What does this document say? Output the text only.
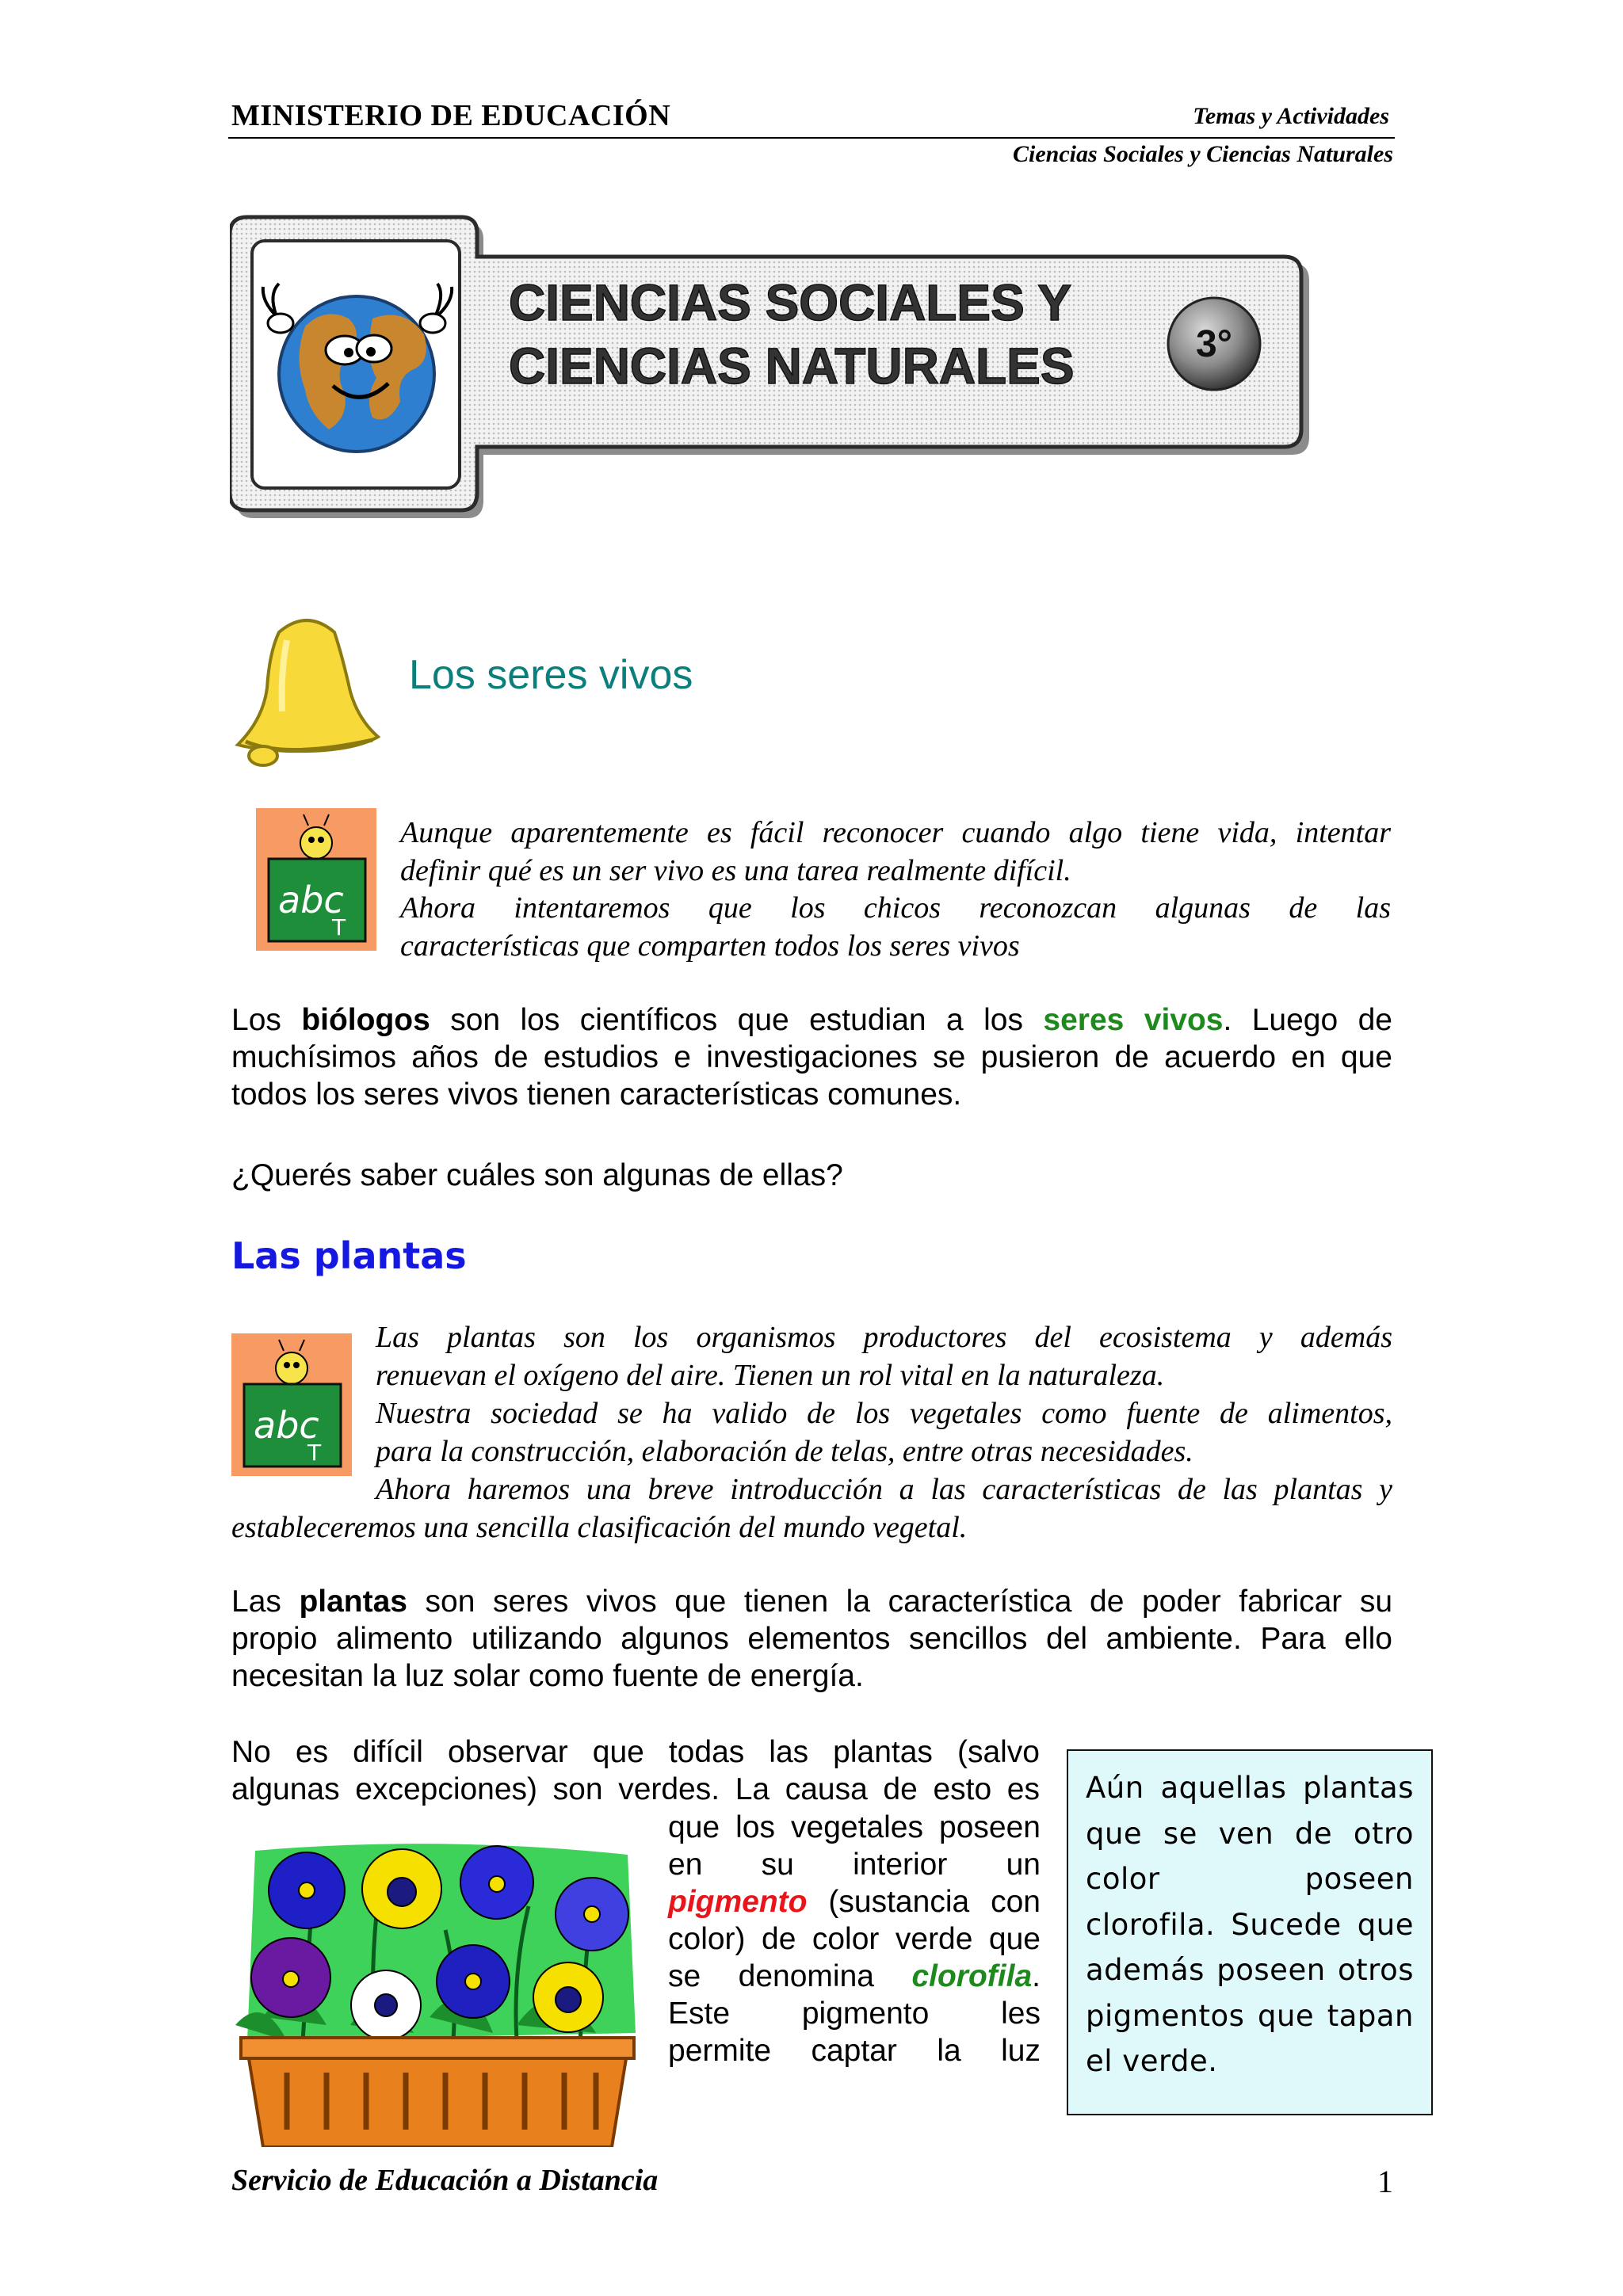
MINISTERIO DE EDUCACIÓN	Temas y Actividades
Ciencias Sociales y Ciencias Naturales
CIENCIAS SOCIALES Y
CIENCIAS NATURALES	3°
Los seres vivos
abc
T

Aunque aparentemente es fácil reconocer cuando algo tiene vida, intentar

definir qué es un ser vivo es una tarea realmente difícil.

Ahora intentaremos que los chicos reconozcan algunas de las

características que comparten todos los seres vivos

Los biólogos son los científicos que estudian a los seres vivos. Luego de
muchísimos años de estudios e investigaciones se pusieron de acuerdo en que
todos los seres vivos tienen características comunes.
¿Querés saber cuáles son algunas de ellas?
Las plantas
abc
T
Las plantas son los organismos productores del ecosistema y además
renuevan el oxígeno del aire. Tienen un rol vital en la naturaleza.
Nuestra sociedad se ha valido de los vegetales como fuente de alimentos,
para la construcción, elaboración de telas, entre otras necesidades.
Ahora haremos una breve introducción a las características de las plantas y
estableceremos una sencilla clasificación del mundo vegetal.
Las plantas son seres vivos que tienen la característica de poder fabricar su
propio alimento utilizando algunos elementos sencillos del ambiente. Para ello
necesitan la luz solar como fuente de energía.
No es difícil observar que todas las plantas (salvo
algunas excepciones) son verdes. La causa de esto es
que los vegetales poseen
en su interior un
pigmento (sustancia con
color) de color verde que
se denomina clorofila.
Este pigmento les
permite captar la luz
Aún aquellas plantas
que se ven de otro
color poseen
clorofila. Sucede que
además poseen otros
pigmentos que tapan
el verde.
Servicio de Educación a Distancia	1
